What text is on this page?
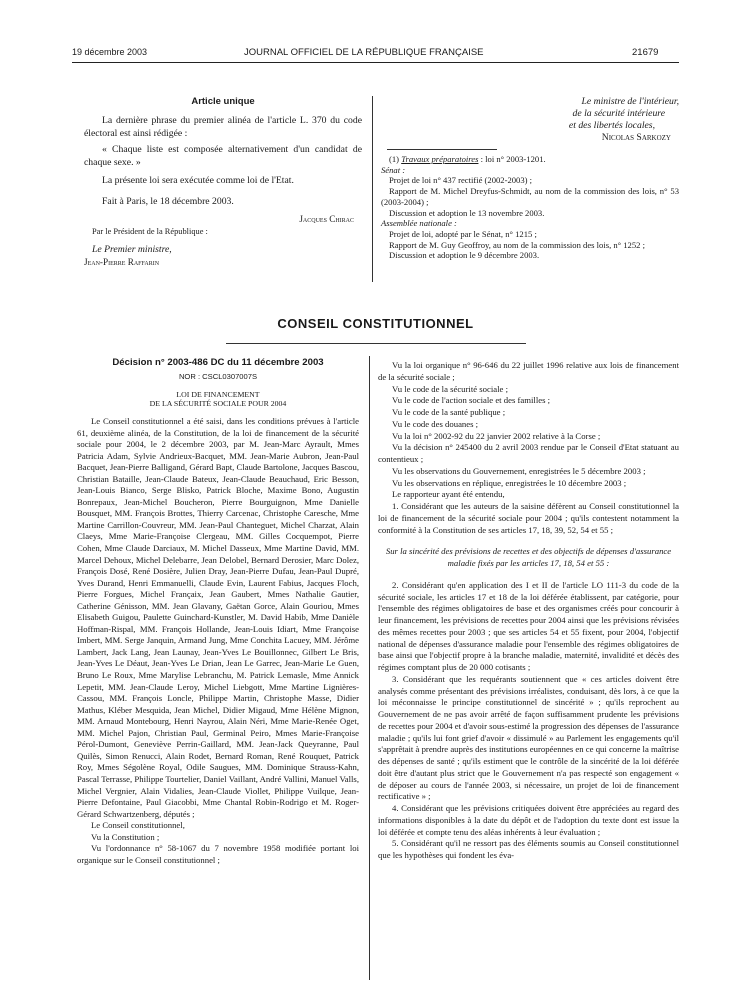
19 décembre 2003	JOURNAL OFFICIEL DE LA RÉPUBLIQUE FRANÇAISE	21679

Article unique

La dernière phrase du premier alinéa de l'article L. 370 du code électoral est ainsi rédigée :

« Chaque liste est composée alternativement d'un candidat de chaque sexe. »

La présente loi sera exécutée comme loi de l'Etat.

Fait à Paris, le 18 décembre 2003.

Jacques Chirac

Par le Président de la République :

Le Premier ministre,

Jean-Pierre Raffarin

Le ministre de l'intérieur,

de la sécurité intérieure

et des libertés locales,

Nicolas Sarkozy

(1) Travaux préparatoires : loi n° 2003-1201.

Sénat :

Projet de loi n° 437 rectifié (2002-2003) ;

Rapport de M. Michel Dreyfus-Schmidt, au nom de la commission des lois, n° 53 (2003-2004) ;

Discussion et adoption le 13 novembre 2003.

Assemblée nationale :

Projet de loi, adopté par le Sénat, n° 1215 ;

Rapport de M. Guy Geoffroy, au nom de la commission des lois, n° 1252 ;

Discussion et adoption le 9 décembre 2003.

CONSEIL CONSTITUTIONNEL

Décision n° 2003-486 DC du 11 décembre 2003

NOR : CSCL0307007S

LOI DE FINANCEMENT

DE LA SÉCURITÉ SOCIALE POUR 2004

Le Conseil constitutionnel a été saisi, dans les conditions prévues à l'article 61, deuxième alinéa, de la Constitution, de la loi de financement de la sécurité sociale pour 2004, le 2 décembre 2003, par M. Jean-Marc Ayrault, Mmes Patricia Adam, Sylvie Andrieux-Bacquet, MM. Jean-Marie Aubron, Jean-Paul Bacquet, Jean-Pierre Balligand, Gérard Bapt, Claude Bartolone, Jacques Bascou, Christian Bataille, Jean-Claude Bateux, Jean-Claude Beauchaud, Eric Besson, Jean-Louis Bianco, Serge Blisko, Patrick Bloche, Maxime Bono, Augustin Bonrepaux, Jean-Michel Boucheron, Pierre Bourguignon, Mme Danielle Bousquet, MM. François Brottes, Thierry Carcenac, Christophe Caresche, Mme Martine Carrillon-Couvreur, MM. Jean-Paul Chanteguet, Michel Charzat, Alain Claeys, Mme Marie-Françoise Clergeau, MM. Gilles Cocquempot, Pierre Cohen, Mme Claude Darciaux, M. Michel Dasseux, Mme Martine David, MM. Marcel Dehoux, Michel Delebarre, Jean Delobel, Bernard Derosier, Marc Dolez, François Dosé, René Dosière, Julien Dray, Jean-Pierre Dufau, Jean-Paul Dupré, Yves Durand, Henri Emmanuelli, Claude Evin, Laurent Fabius, Jacques Floch, Pierre Forgues, Michel Françaix, Jean Gaubert, Mmes Nathalie Gautier, Catherine Génisson, MM. Jean Glavany, Gaëtan Gorce, Alain Gouriou, Mmes Elisabeth Guigou, Paulette Guinchard-Kunstler, M. David Habib, Mme Danièle Hoffman-Rispal, MM. François Hollande, Jean-Louis Idiart, Mme Françoise Imbert, MM. Serge Janquin, Armand Jung, Mme Conchita Lacuey, MM. Jérôme Lambert, Jack Lang, Jean Launay, Jean-Yves Le Bouillonnec, Gilbert Le Bris, Jean-Yves Le Déaut, Jean-Yves Le Drian, Jean Le Garrec, Jean-Marie Le Guen, Bruno Le Roux, Mme Marylise Lebranchu, M. Patrick Lemasle, Mme Annick Lepetit, MM. Jean-Claude Leroy, Michel Liebgott, Mme Martine Lignières-Cassou, MM. François Loncle, Philippe Martin, Christophe Masse, Didier Mathus, Kléber Mesquida, Jean Michel, Didier Migaud, Mme Hélène Mignon, MM. Arnaud Montebourg, Henri Nayrou, Alain Néri, Mme Marie-Renée Oget, MM. Michel Pajon, Christian Paul, Germinal Peiro, Mmes Marie-Françoise Pérol-Dumont, Geneviève Perrin-Gaillard, MM. Jean-Jack Queyranne, Paul Quilès, Simon Renucci, Alain Rodet, Bernard Roman, René Rouquet, Patrick Roy, Mmes Ségolène Royal, Odile Saugues, MM. Dominique Strauss-Kahn, Pascal Terrasse, Philippe Tourtelier, Daniel Vaillant, André Vallini, Manuel Valls, Michel Vergnier, Alain Vidalies, Jean-Claude Viollet, Philippe Vuilque, Jean-Pierre Defontaine, Paul Giacobbi, Mme Chantal Robin-Rodrigo et M. Roger-Gérard Schwartzenberg, députés ;

Le Conseil constitutionnel,

Vu la Constitution ;

Vu l'ordonnance n° 58-1067 du 7 novembre 1958 modifiée portant loi organique sur le Conseil constitutionnel ;

Vu la loi organique n° 96-646 du 22 juillet 1996 relative aux lois de financement de la sécurité sociale ;

Vu le code de la sécurité sociale ;

Vu le code de l'action sociale et des familles ;

Vu le code de la santé publique ;

Vu le code des douanes ;

Vu la loi n° 2002-92 du 22 janvier 2002 relative à la Corse ;

Vu la décision n° 245400 du 2 avril 2003 rendue par le Conseil d'Etat statuant au contentieux ;

Vu les observations du Gouvernement, enregistrées le 5 décembre 2003 ;

Vu les observations en réplique, enregistrées le 10 décembre 2003 ;

Le rapporteur ayant été entendu,

1. Considérant que les auteurs de la saisine défèrent au Conseil constitutionnel la loi de financement de la sécurité sociale pour 2004 ; qu'ils contestent notamment la conformité à la Constitution de ses articles 17, 18, 39, 52, 54 et 55 ;

Sur la sincérité des prévisions de recettes et des objectifs de dépenses d'assurance maladie fixés par les articles 17, 18, 54 et 55 :

2. Considérant qu'en application des I et II de l'article LO 111-3 du code de la sécurité sociale, les articles 17 et 18 de la loi déférée établissent, par catégorie, pour l'ensemble des régimes obligatoires de base et des organismes créés pour concourir à leur financement, les prévisions de recettes pour 2004 ainsi que les prévisions révisées des mêmes recettes pour 2003 ; que ses articles 54 et 55 fixent, pour 2004, l'objectif national de dépenses d'assurance maladie pour l'ensemble des régimes obligatoires de base ainsi que l'objectif propre à la branche maladie, maternité, invalidité et décès des régimes comptant plus de 20 000 cotisants ;

3. Considérant que les requérants soutiennent que « ces articles doivent être analysés comme présentant des prévisions irréalistes, conduisant, dès lors, à ce que la loi méconnaisse le principe constitutionnel de sincérité » ; qu'ils reprochent au Gouvernement de ne pas avoir arrêté de façon suffisamment prudente les prévisions de recettes pour 2004 et d'avoir sous-estimé la progression des dépenses de l'assurance maladie ; qu'ils lui font grief d'avoir « dissimulé » au Parlement les engagements qu'il s'apprêtait à prendre auprès des institutions européennes en ce qui concerne la maîtrise des dépenses de santé ; qu'ils estiment que le contrôle de la sincérité de la loi déférée doit être d'autant plus strict que le Gouvernement n'a pas respecté son engagement « de déposer au cours de l'année 2003, si nécessaire, un projet de loi de financement rectificative » ;

4. Considérant que les prévisions critiquées doivent être appréciées au regard des informations disponibles à la date du dépôt et de l'adoption du texte dont est issue la loi déférée et compte tenu des aléas inhérents à leur évaluation ;

5. Considérant qu'il ne ressort pas des éléments soumis au Conseil constitutionnel que les hypothèses qui fondent les éva-
